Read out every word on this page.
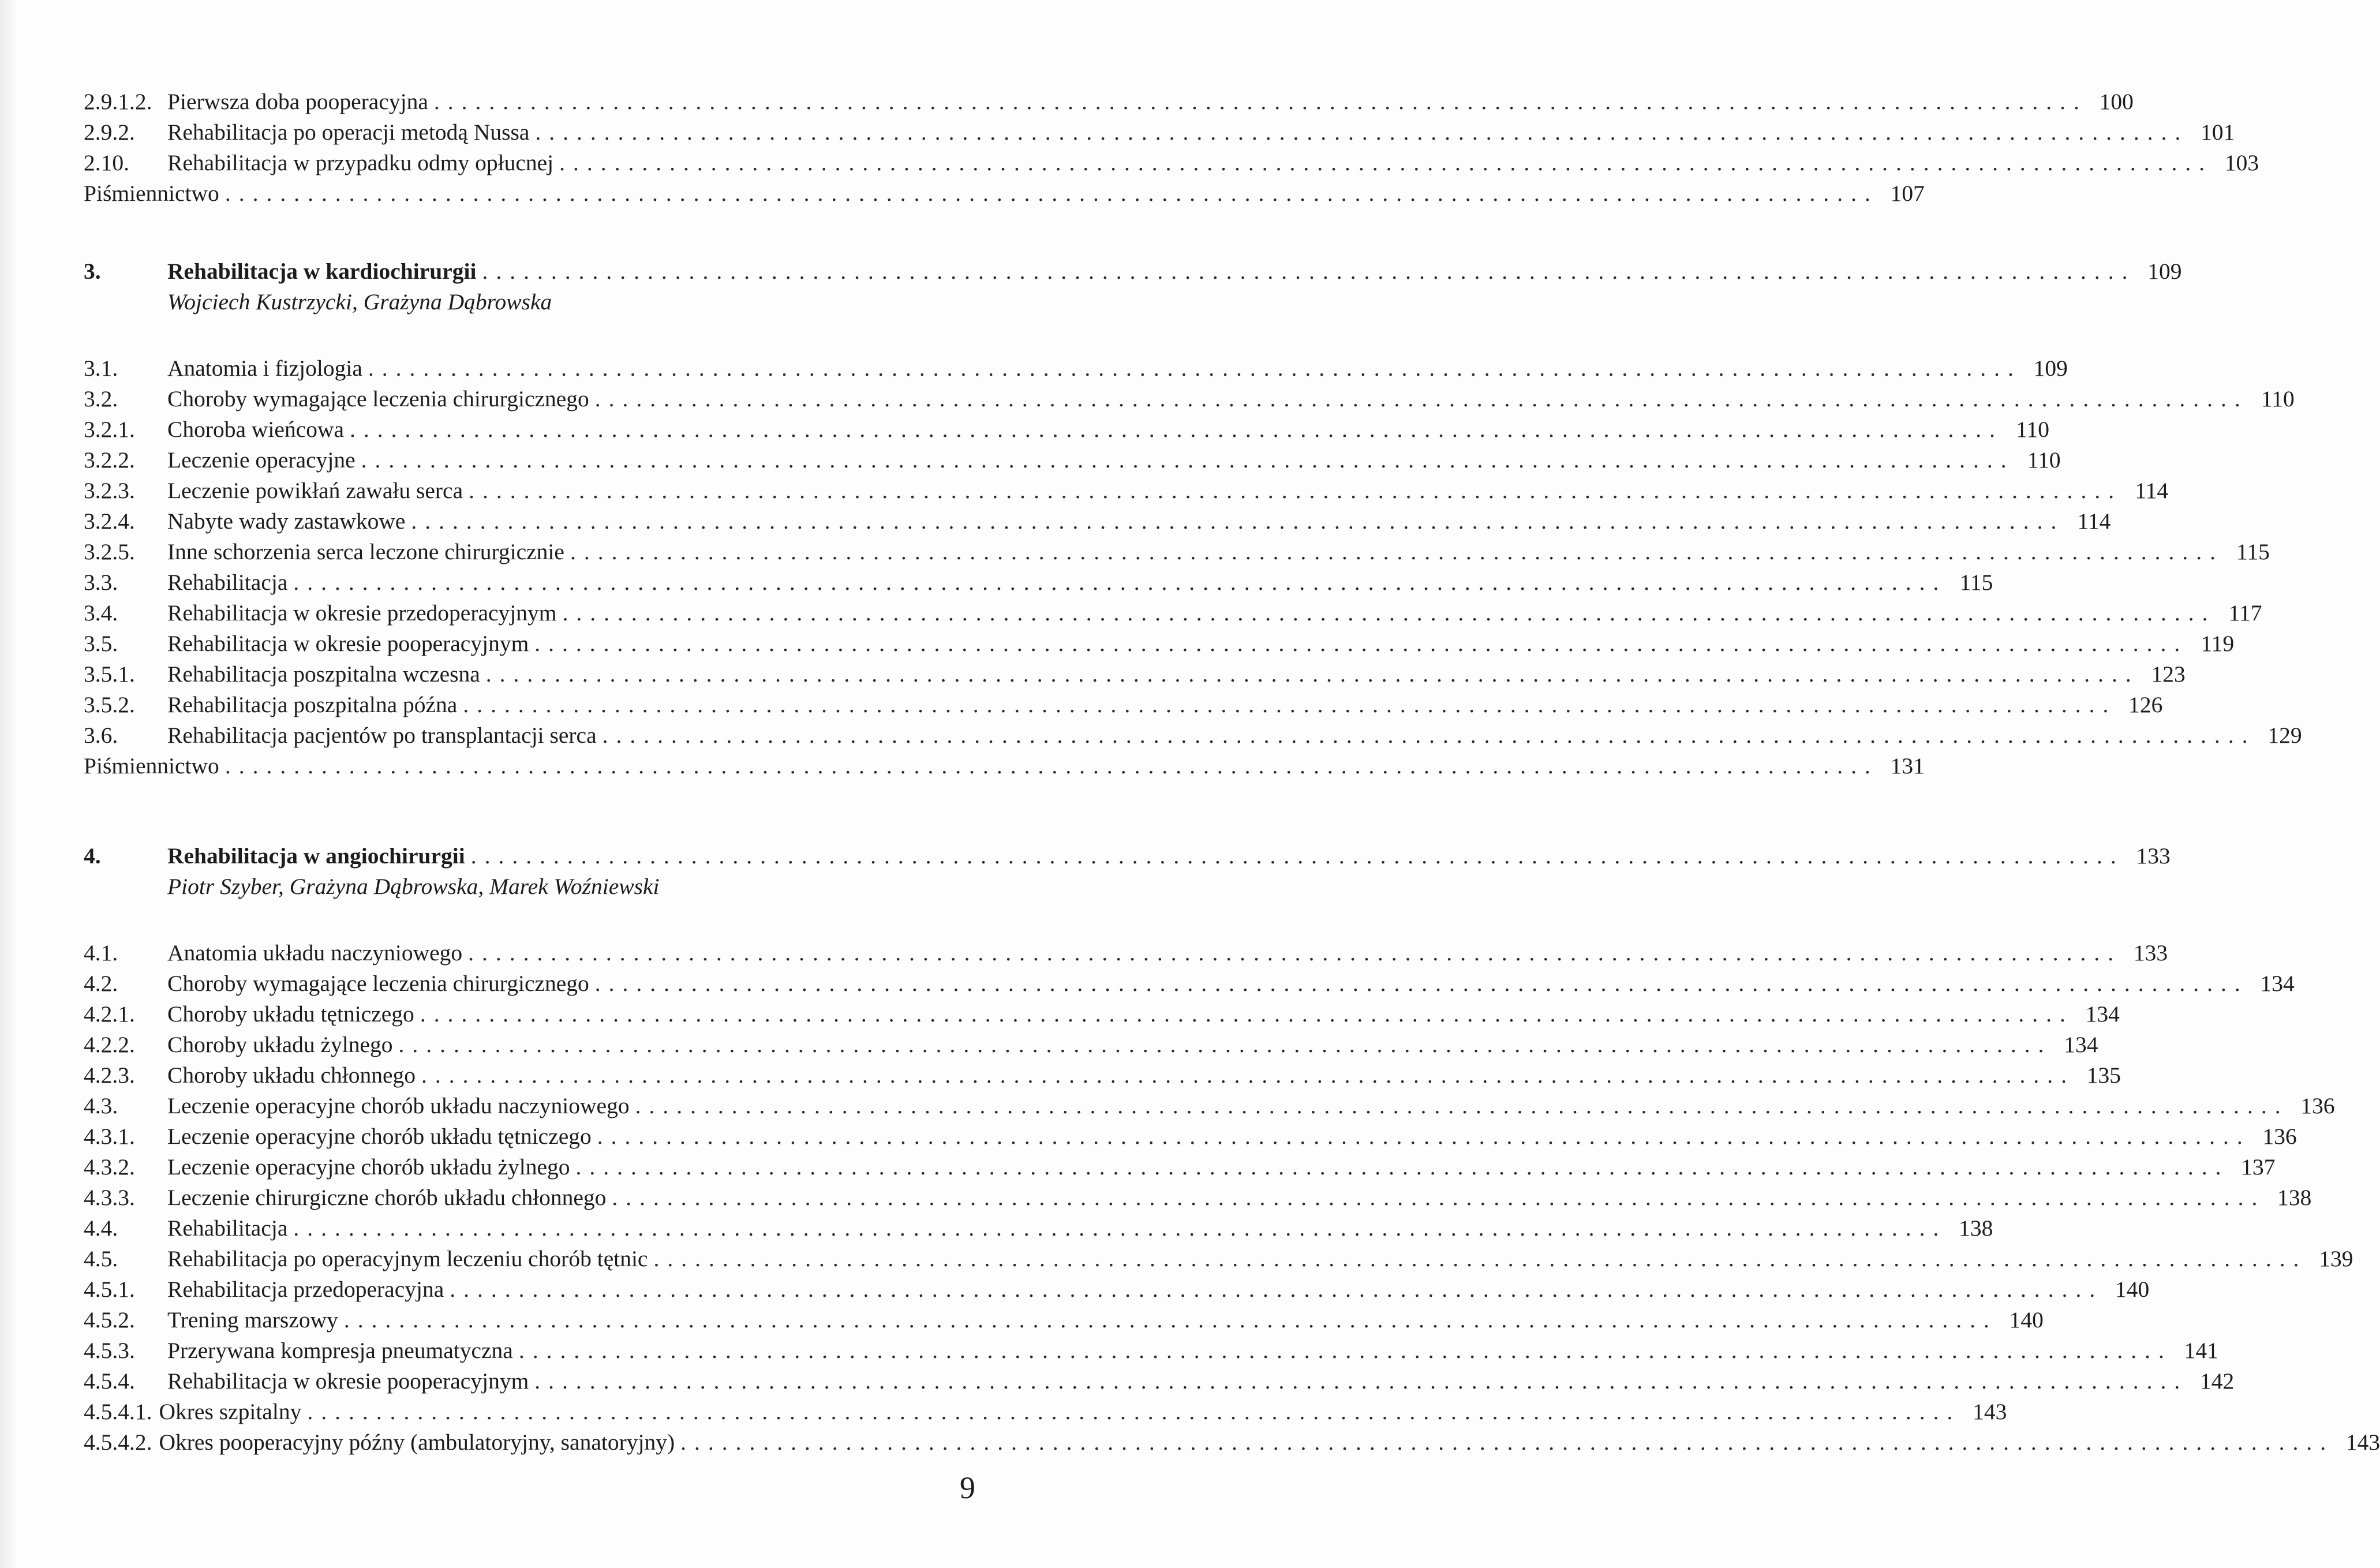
2.9.1.2. Pierwsza doba pooperacyjna ........................................................................................................................ 100
2.9.2.	Rehabilitacja po operacji metodą Nussa ........................................................................................................................ 101
2.10.	Rehabilitacja w przypadku odmy opłucnej ........................................................................................................................ 103
Piśmiennictwo ........................................................................................................................ 107
3.	Rehabilitacja w kardiochirurgii ........................................................................................................................ 109
Wojciech Kustrzycki, Grażyna Dąbrowska
3.1.	Anatomia i fizjologia ........................................................................................................................ 109
3.2.	Choroby wymagające leczenia chirurgicznego ........................................................................................................................ 110
3.2.1.	Choroba wieńcowa ........................................................................................................................ 110
3.2.2.	Leczenie operacyjne ........................................................................................................................ 110
3.2.3.	Leczenie powikłań zawału serca ........................................................................................................................ 114
3.2.4.	Nabyte wady zastawkowe ........................................................................................................................ 114
3.2.5.	Inne schorzenia serca leczone chirurgicznie ........................................................................................................................ 115
3.3.	Rehabilitacja ........................................................................................................................ 115
3.4.	Rehabilitacja w okresie przedoperacyjnym ........................................................................................................................ 117
3.5.	Rehabilitacja w okresie pooperacyjnym ........................................................................................................................ 119
3.5.1.	Rehabilitacja poszpitalna wczesna ........................................................................................................................ 123
3.5.2.	Rehabilitacja poszpitalna późna ........................................................................................................................ 126
3.6.	Rehabilitacja pacjentów po transplantacji serca ........................................................................................................................ 129
Piśmiennictwo ........................................................................................................................ 131
4.	Rehabilitacja w angiochirurgii ........................................................................................................................ 133
Piotr Szyber, Grażyna Dąbrowska, Marek Woźniewski
4.1.	Anatomia układu naczyniowego ........................................................................................................................ 133
4.2.	Choroby wymagające leczenia chirurgicznego ........................................................................................................................ 134
4.2.1.	Choroby układu tętniczego ........................................................................................................................ 134
4.2.2.	Choroby układu żylnego ........................................................................................................................ 134
4.2.3.	Choroby układu chłonnego ........................................................................................................................ 135
4.3.	Leczenie operacyjne chorób układu naczyniowego ........................................................................................................................ 136
4.3.1.	Leczenie operacyjne chorób układu tętniczego ........................................................................................................................ 136
4.3.2.	Leczenie operacyjne chorób układu żylnego ........................................................................................................................ 137
4.3.3.	Leczenie chirurgiczne chorób układu chłonnego ........................................................................................................................ 138
4.4.	Rehabilitacja ........................................................................................................................ 138
4.5.	Rehabilitacja po operacyjnym leczeniu chorób tętnic ........................................................................................................................ 139
4.5.1.	Rehabilitacja przedoperacyjna ........................................................................................................................ 140
4.5.2.	Trening marszowy ........................................................................................................................ 140
4.5.3.	Przerywana kompresja pneumatyczna ........................................................................................................................ 141
4.5.4.	Rehabilitacja w okresie pooperacyjnym ........................................................................................................................ 142
4.5.4.1. Okres szpitalny ........................................................................................................................ 143
4.5.4.2. Okres pooperacyjny późny (ambulatoryjny, sanatoryjny) ........................................................................................................................ 143
9
